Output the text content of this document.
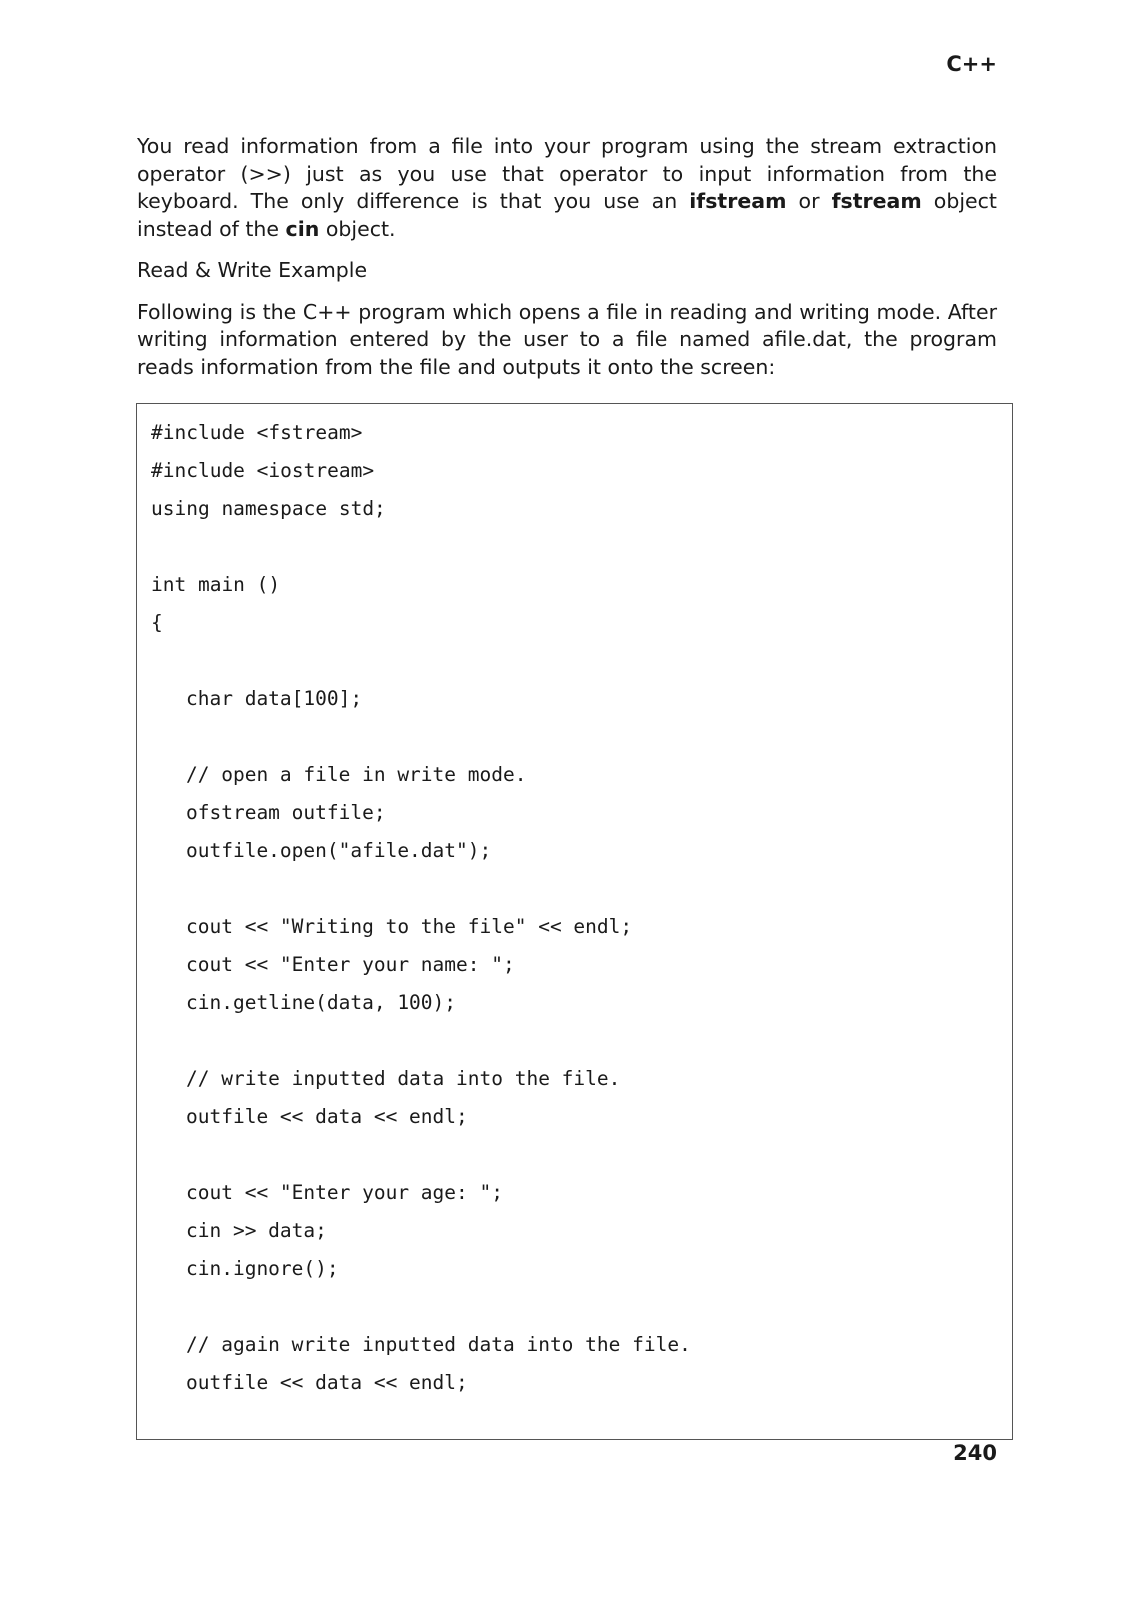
C++

You read information from a file into your program using the stream extraction operator (>>) just as you use that operator to input information from the keyboard. The only difference is that you use an ifstream or fstream object instead of the cin object.

Read & Write Example

Following is the C++ program which opens a file in reading and writing mode. After writing information entered by the user to a file named afile.dat, the program reads information from the file and outputs it onto the screen:

#include <fstream>
#include <iostream>
using namespace std;
int main ()
{
char data[100];
// open a file in write mode.
ofstream outfile;
outfile.open("afile.dat");
cout << "Writing to the file" << endl;
cout << "Enter your name: ";
cin.getline(data, 100);
// write inputted data into the file.
outfile << data << endl;
cout << "Enter your age: ";
cin >> data;
cin.ignore();
// again write inputted data into the file.
outfile << data << endl;
240
